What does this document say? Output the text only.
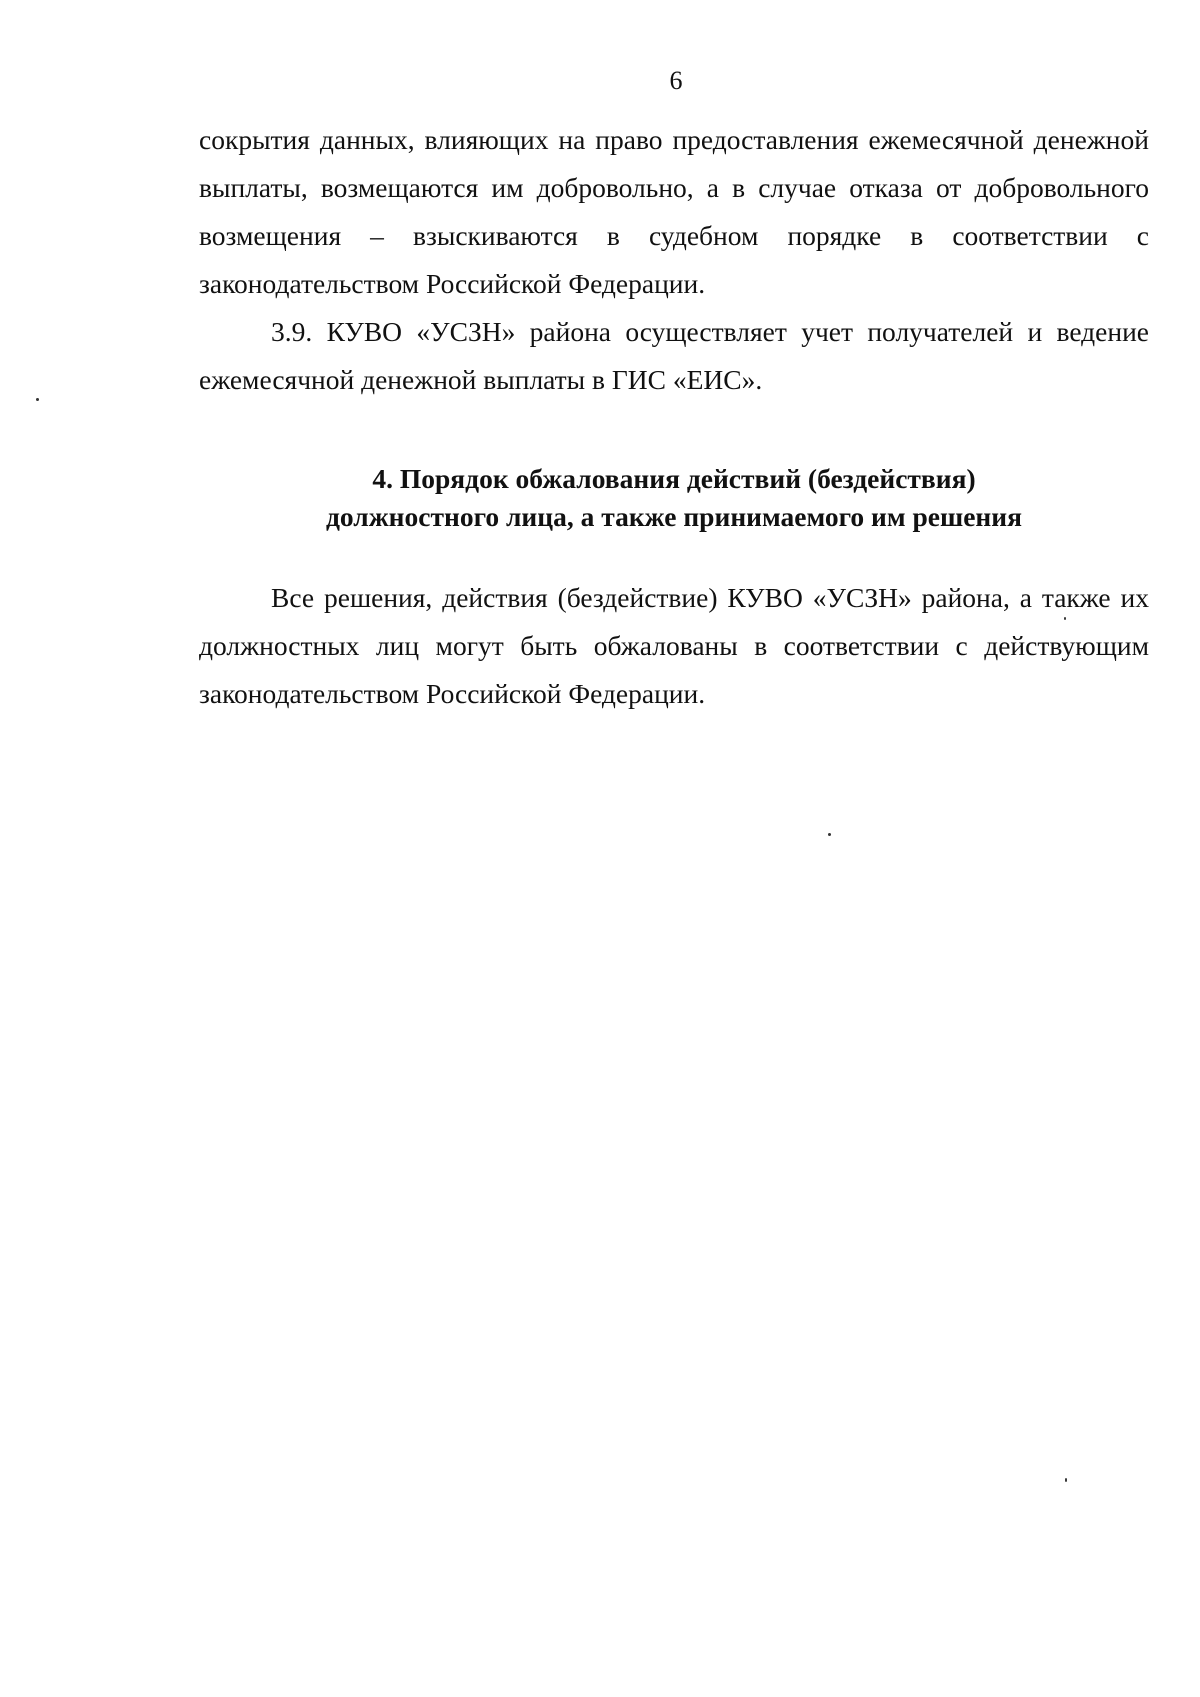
6

сокрытия данных, влияющих на право предоставления ежемесячной денежной выплаты, возмещаются им добровольно, а в случае отказа от добровольного возмещения – взыскиваются в судебном порядке в соответствии с законодательством Российской Федерации.

3.9. КУВО «УСЗН» района осуществляет учет получателей и ведение ежемесячной денежной выплаты в ГИС «ЕИС».

4. Порядок обжалования действий (бездействия)
должностного лица, а также принимаемого им решения

Все решения, действия (бездействие) КУВО «УСЗН» района, а также их должностных лиц могут быть обжалованы в соответствии с действующим законодательством Российской Федерации.
